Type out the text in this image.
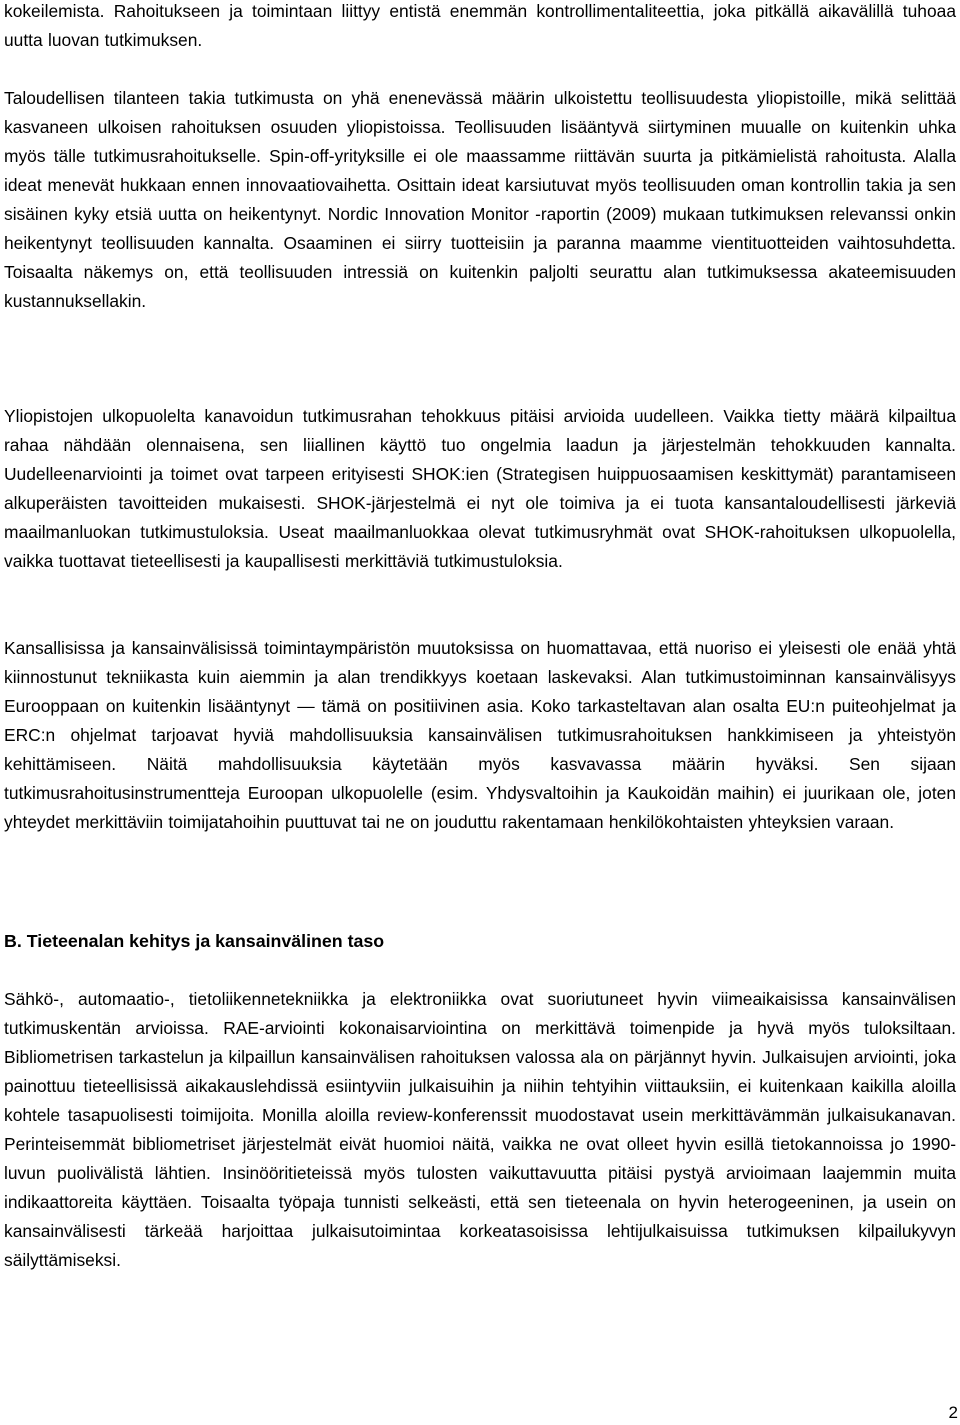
kokeilemista. Rahoitukseen ja toimintaan liittyy entistä enemmän kontrollimentaliteettia, joka pitkällä aikavälillä tuhoaa uutta luovan tutkimuksen.

Taloudellisen tilanteen takia tutkimusta on yhä enenevässä määrin ulkoistettu teollisuudesta yliopistoille, mikä selittää kasvaneen ulkoisen rahoituksen osuuden yliopistoissa. Teollisuuden lisääntyvä siirtyminen muualle on kuitenkin uhka myös tälle tutkimusrahoitukselle. Spin-off-yrityksille ei ole maassamme riittävän suurta ja pitkämielistä rahoitusta. Alalla ideat menevät hukkaan ennen innovaatiovaihetta. Osittain ideat karsiutuvat myös teollisuuden oman kontrollin takia ja sen sisäinen kyky etsiä uutta on heikentynyt. Nordic Innovation Monitor -raportin (2009) mukaan tutkimuksen relevanssi onkin heikentynyt teollisuuden kannalta. Osaaminen ei siirry tuotteisiin ja paranna maamme vientituotteiden vaihtosuhdetta. Toisaalta näkemys on, että teollisuuden intressiä on kuitenkin paljolti seurattu alan tutkimuksessa akateemisuuden kustannuksellakin.

Yliopistojen ulkopuolelta kanavoidun tutkimusrahan tehokkuus pitäisi arvioida uudelleen. Vaikka tietty määrä kilpailtua rahaa nähdään olennaisena, sen liiallinen käyttö tuo ongelmia laadun ja järjestelmän tehokkuuden kannalta. Uudelleenarviointi ja toimet ovat tarpeen erityisesti SHOK:ien (Strategisen huippuosaamisen keskittymät) parantamiseen alkuperäisten tavoitteiden mukaisesti. SHOK-järjestelmä ei nyt ole toimiva ja ei tuota kansantaloudellisesti järkeviä maailmanluokan tutkimustuloksia. Useat maailmanluokkaa olevat tutkimusryhmät ovat SHOK-rahoituksen ulkopuolella, vaikka tuottavat tieteellisesti ja kaupallisesti merkittäviä tutkimustuloksia.

Kansallisissa ja kansainvälisissä toimintaympäristön muutoksissa on huomattavaa, että nuoriso ei yleisesti ole enää yhtä kiinnostunut tekniikasta kuin aiemmin ja alan trendikkyys koetaan laskevaksi. Alan tutkimustoiminnan kansainvälisyys Eurooppaan on kuitenkin lisääntynyt — tämä on positiivinen asia. Koko tarkasteltavan alan osalta EU:n puiteohjelmat ja ERC:n ohjelmat tarjoavat hyviä mahdollisuuksia kansainvälisen tutkimusrahoituksen hankkimiseen ja yhteistyön kehittämiseen. Näitä mahdollisuuksia käytetään myös kasvavassa määrin hyväksi. Sen sijaan tutkimusrahoitusinstrumentteja Euroopan ulkopuolelle (esim. Yhdysvaltoihin ja Kaukoidän maihin) ei juurikaan ole, joten yhteydet merkittäviin toimijatahoihin puuttuvat tai ne on jouduttu rakentamaan henkilökohtaisten yhteyksien varaan.

B. Tieteenalan kehitys ja kansainvälinen taso

Sähkö-, automaatio-, tietoliikennetekniikka ja elektroniikka ovat suoriutuneet hyvin viimeaikaisissa kansainvälisen tutkimuskentän arvioissa. RAE-arviointi kokonaisarviointina on merkittävä toimenpide ja hyvä myös tuloksiltaan. Bibliometrisen tarkastelun ja kilpaillun kansainvälisen rahoituksen valossa ala on pärjännyt hyvin. Julkaisujen arviointi, joka painottuu tieteellisissä aikakauslehdissä esiintyviin julkaisuihin ja niihin tehtyihin viittauksiin, ei kuitenkaan kaikilla aloilla kohtele tasapuolisesti toimijoita. Monilla aloilla review-konferenssit muodostavat usein merkittävämmän julkaisukanavan. Perinteisemmät bibliometriset järjestelmät eivät huomioi näitä, vaikka ne ovat olleet hyvin esillä tietokannoissa jo 1990-luvun puolivälistä lähtien. Insinööritieteissä myös tulosten vaikuttavuutta pitäisi pystyä arvioimaan laajemmin muita indikaattoreita käyttäen. Toisaalta työpaja tunnisti selkeästi, että sen tieteenala on hyvin heterogeeninen, ja usein on kansainvälisesti tärkeää harjoittaa julkaisutoimintaa korkeatasoisissa lehtijulkaisuissa tutkimuksen kilpailukyvyn säilyttämiseksi.

2
